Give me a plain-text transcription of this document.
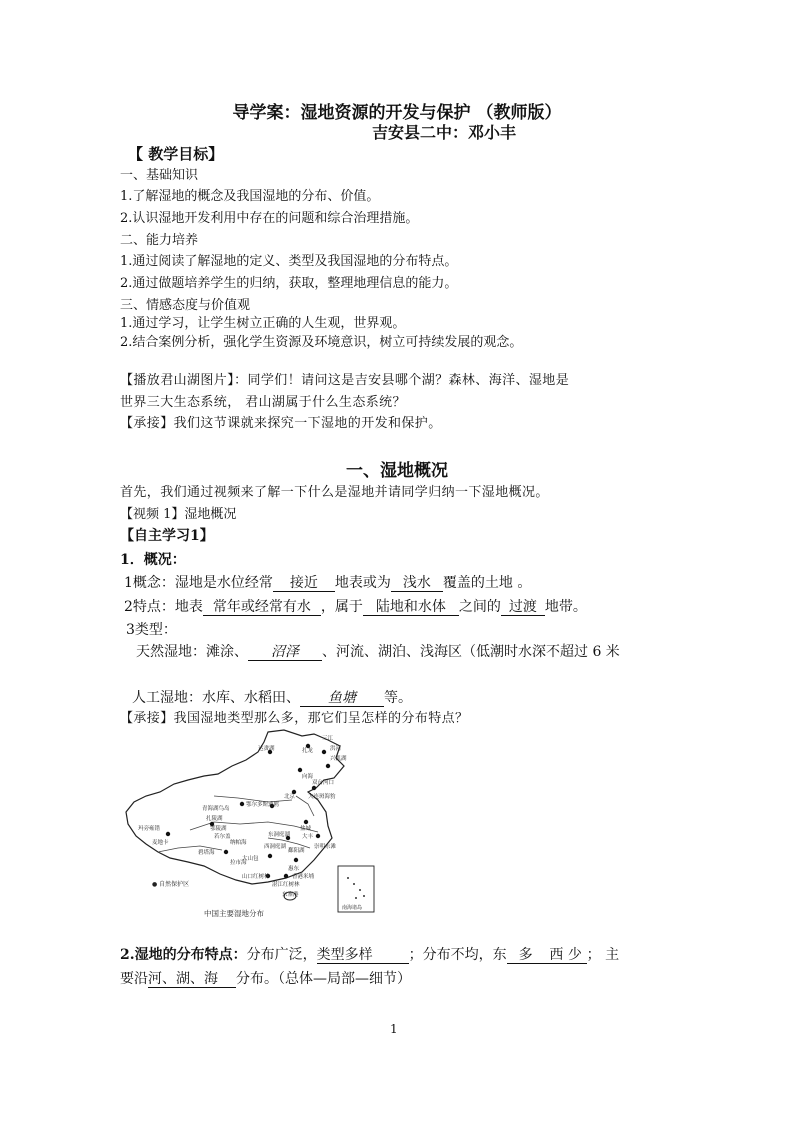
导学案：湿地资源的开发与保护 （教师版）
吉安县二中：邓小丰
【 教学目标】
一、基础知识
1.了解湿地的概念及我国湿地的分布、价值。
2.认识湿地开发利用中存在的问题和综合治理措施。
二、能力培养
1.通过阅读了解湿地的定义、类型及我国湿地的分布特点。
2.通过做题培养学生的归纳，获取，整理地理信息的能力。
三、情感态度与价值观
1.通过学习，让学生树立正确的人生观，世界观。
2.结合案例分析，强化学生资源及环境意识，树立可持续发展的观念。
【播放君山湖图片】：同学们！请问这是吉安县哪个湖？森林、海洋、湿地是
世界三大生态系统， 君山湖属于什么生态系统？
【承接】我们这节课就来探究一下湿地的开发和保护。
一、湿地概况
首先，我们通过视频来了解一下什么是湿地并请同学归纳一下湿地概况。
【视频 1】湿地概况
【自主学习1】
1．概况：
1概念：湿地是水位经常 接近 地表或为 浅水 覆盖的土地 。
2特点：地表 常年或经常有水 ，属于 陆地和水体 之间的 过渡 地带。
3类型：
天然湿地：滩涂、 沼泽 、河流、湖泊、浅海区（低潮时水深不超过 6 米
人工湿地：水库、水稻田、 鱼塘 等。
【承接】我国湿地类型那么多，那它们呈怎样的分布特点？
达赉湖	扎龙
三江
洪河
兴凯湖
向海
北京
双台河口
大连斑海豹
青海湖鸟岛
鄂尔多斯遗鸥
盐城
大丰
扎陵湖
鄂陵湖
东洞庭湖
崇明东滩
玛旁雍错
麦地卡
若尔盖
西洞庭湖
鄱阳湖
碧塔海
纳帕海
拉市海
大山包
山口红树林
惠东
香港米埔
湛江红树林
东寨港
南海诸岛
● 自然保护区
中国主要湿地分布
2.湿地的分布特点：分布广泛，类型多样	；分布不均，东 多 西 少 ； 主
要沿河、湖、海 分布。（总体—局部—细节）
1
